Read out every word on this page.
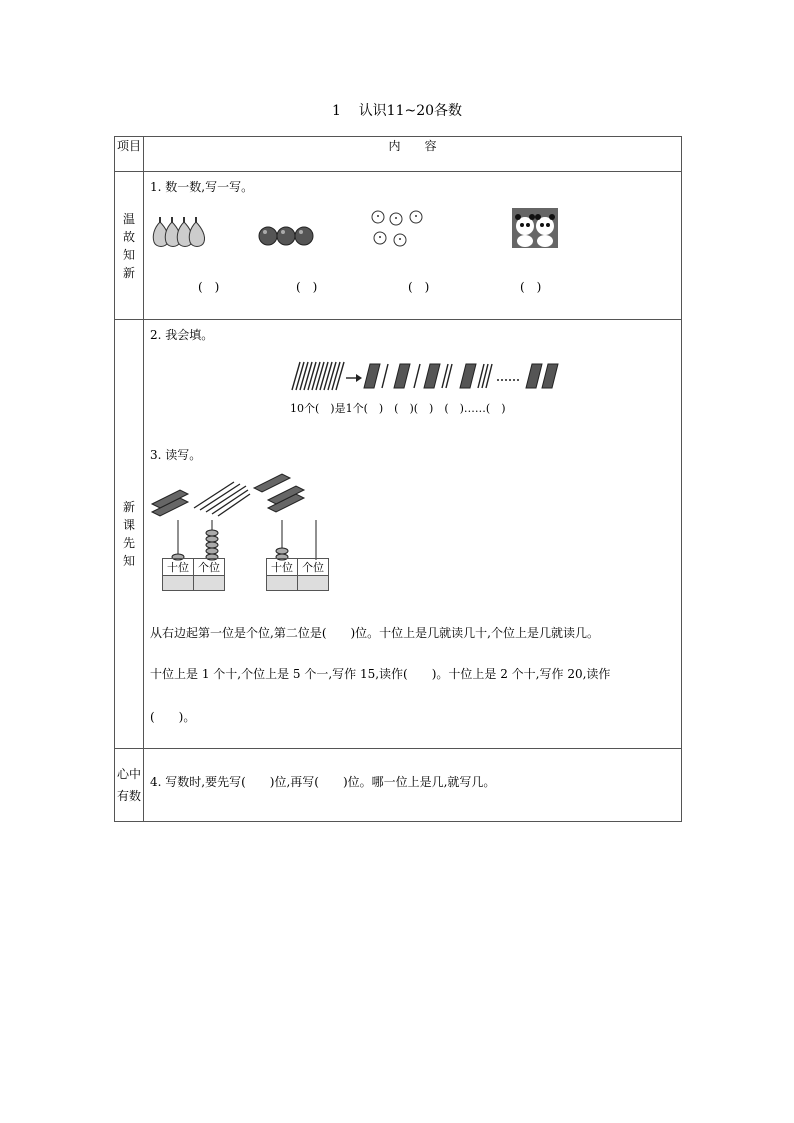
1 认识11~20各数
项目	内　　容

温故知新

1. 数一数,写一写。
(　)	(　)	(　)	(　)

新课先知

2. 我会填。
10个(　)是1个(　)　(　)(　)　(　)……(　)
3. 读写。
十位	个位
		十位	个位

从右边起第一位是个位,第二位是(　　)位。十位上是几就读几十,个位上是几就读几。
十位上是 1 个十,个位上是 5 个一,写作 15,读作(　　)。十位上是 2 个十,写作 20,读作
(　　)。

心中
有数

4. 写数时,要先写(　　)位,再写(　　)位。哪一位上是几,就写几。
